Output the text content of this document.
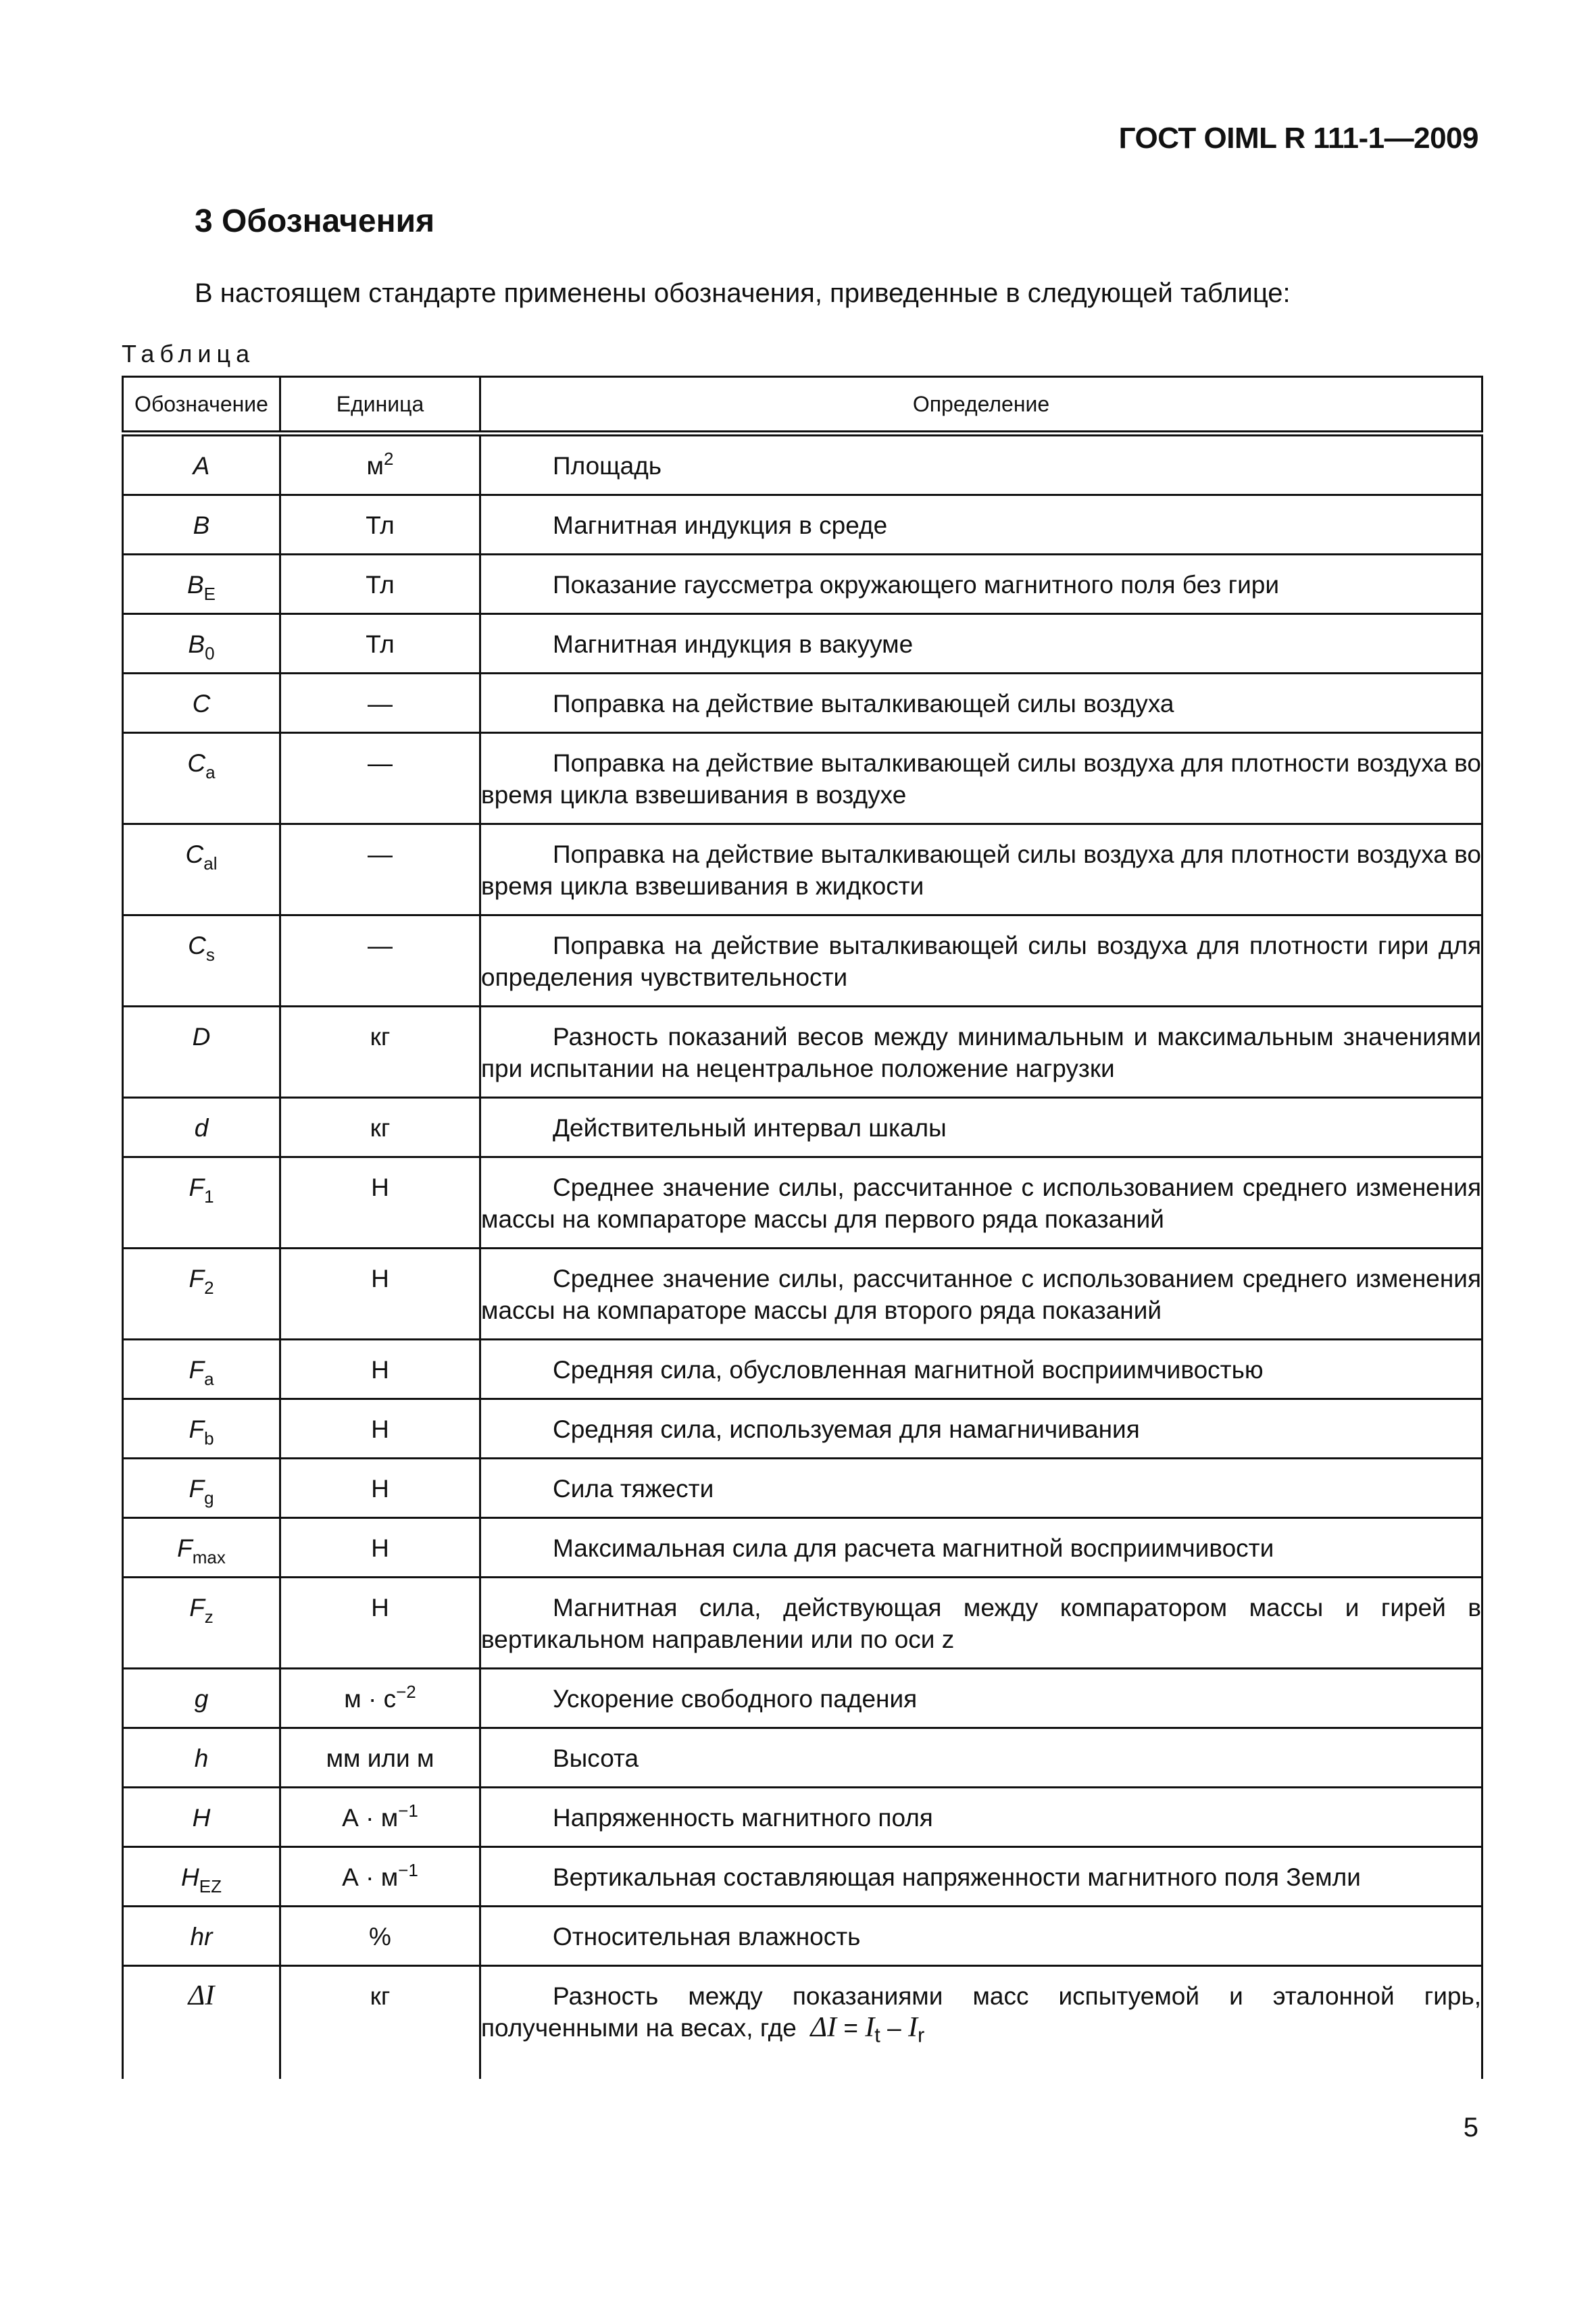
ГОСТ OIML R 111-1—2009
3 Обозначения

В настоящем стандарте применены обозначения, приведенные в следующей таблице:

Таблица
Обозначение	Единица	Определение
A	$м^2$	Площадь
B	Тл	Магнитная индукция в среде
$B_E$	Тл	Показание гауссметра окружающего магнитного поля без гири
$B_0$	Тл	Магнитная индукция в вакууме
C	—	Поправка на действие выталкивающей силы воздуха
$C_a$	—	Поправка на действие выталкивающей силы воздуха для плотности воздуха во время цикла взвешивания в воздухе
$C_{al}$	—	Поправка на действие выталкивающей силы воздуха для плотности воздуха во время цикла взвешивания в жидкости
$C_s$	—	Поправка на действие выталкивающей силы воздуха для плотности гири для определения чувствительности
D	кг	Разность показаний весов между минимальным и максимальным значениями при испытании на нецентральное положение нагрузки
d	кг	Действительный интервал шкалы
$F_1$	Н	Среднее значение силы, рассчитанное с использованием среднего изменения массы на компараторе массы для первого ряда показаний
$F_2$	Н	Среднее значение силы, рассчитанное с использованием среднего изменения массы на компараторе массы для второго ряда показаний
$F_a$	Н	Средняя сила, обусловленная магнитной восприимчивостью
$F_b$	Н	Средняя сила, используемая для намагничивания
$F_g$	Н	Сила тяжести
$F_{max}$	Н	Максимальная сила для расчета магнитной восприимчивости
$F_z$	Н	Магнитная сила, действующая между компаратором массы и гирей в вертикальном направлении или по оси z
g	$м \cdot с^{-2}$	Ускорение свободного падения
h	мм или м	Высота
H	$А \cdot м^{-1}$	Напряженность магнитного поля
$H_{EZ}$	$А \cdot м^{-1}$	Вертикальная составляющая напряженности магнитного поля Земли
hr	%	Относительная влажность
ΔI	кг	Разность между показаниями масс испытуемой и эталонной гирь, полученными на весах, где $\Delta I = I_t - I_r$
5
